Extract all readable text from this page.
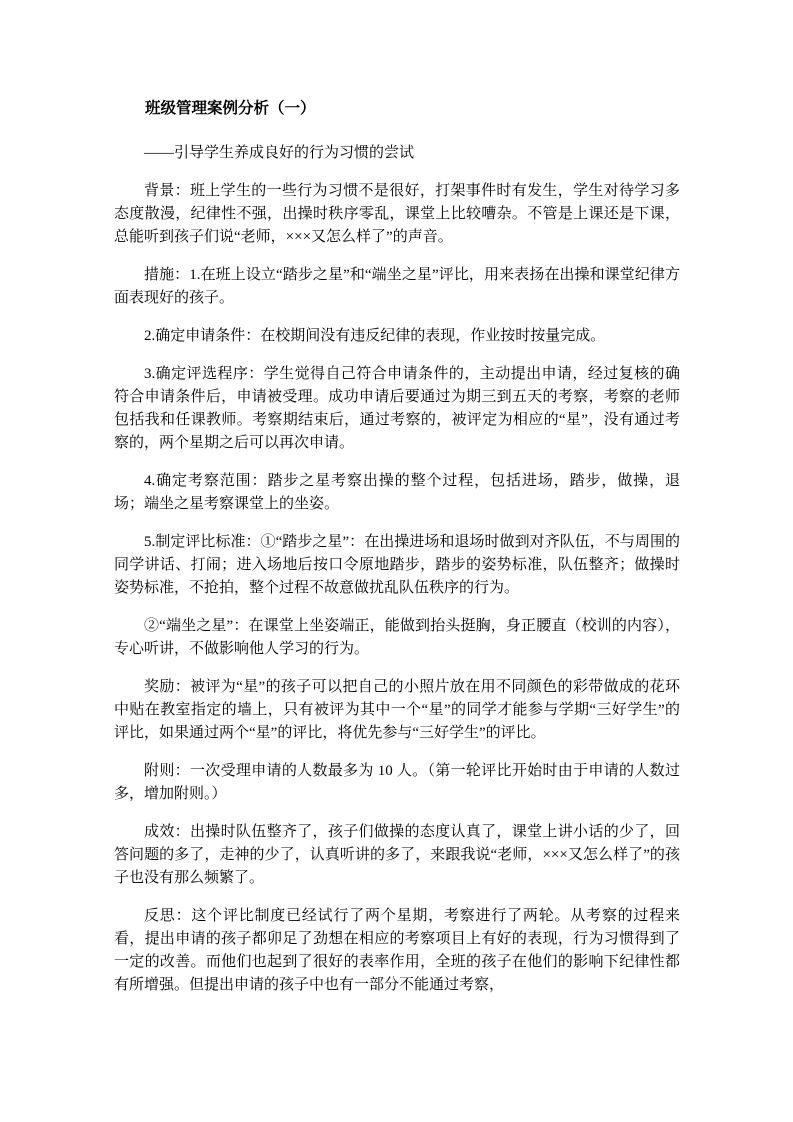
班级管理案例分析（一）

——引导学生养成良好的行为习惯的尝试

背景：班上学生的一些行为习惯不是很好，打架事件时有发生，学生对待学习多态度散漫，纪律性不强，出操时秩序零乱，课堂上比较嘈杂。不管是上课还是下课，总能听到孩子们说“老师，×××又怎么样了”的声音。

措施：1.在班上设立“踏步之星”和“端坐之星”评比，用来表扬在出操和课堂纪律方面表现好的孩子。

2.确定申请条件：在校期间没有违反纪律的表现，作业按时按量完成。

3.确定评选程序：学生觉得自己符合申请条件的，主动提出申请，经过复核的确符合申请条件后，申请被受理。成功申请后要通过为期三到五天的考察，考察的老师包括我和任课教师。考察期结束后，通过考察的，被评定为相应的“星”，没有通过考察的，两个星期之后可以再次申请。

4.确定考察范围：踏步之星考察出操的整个过程，包括进场，踏步，做操，退场；端坐之星考察课堂上的坐姿。

5.制定评比标准：①“踏步之星”：在出操进场和退场时做到对齐队伍，不与周围的同学讲话、打闹；进入场地后按口令原地踏步，踏步的姿势标准，队伍整齐；做操时姿势标准，不抢拍，整个过程不故意做扰乱队伍秩序的行为。

②“端坐之星”：在课堂上坐姿端正，能做到抬头挺胸，身正腰直（校训的内容），专心听讲，不做影响他人学习的行为。

奖励：被评为“星”的孩子可以把自己的小照片放在用不同颜色的彩带做成的花环中贴在教室指定的墙上，只有被评为其中一个“星”的同学才能参与学期“三好学生”的评比，如果通过两个“星”的评比，将优先参与“三好学生”的评比。

附则：一次受理申请的人数最多为 10 人。（第一轮评比开始时由于申请的人数过多，增加附则。）

成效：出操时队伍整齐了，孩子们做操的态度认真了，课堂上讲小话的少了，回答问题的多了，走神的少了，认真听讲的多了，来跟我说“老师，×××又怎么样了”的孩子也没有那么频繁了。

反思：这个评比制度已经试行了两个星期，考察进行了两轮。从考察的过程来看，提出申请的孩子都卯足了劲想在相应的考察项目上有好的表现，行为习惯得到了一定的改善。而他们也起到了很好的表率作用，全班的孩子在他们的影响下纪律性都有所增强。但提出申请的孩子中也有一部分不能通过考察，
